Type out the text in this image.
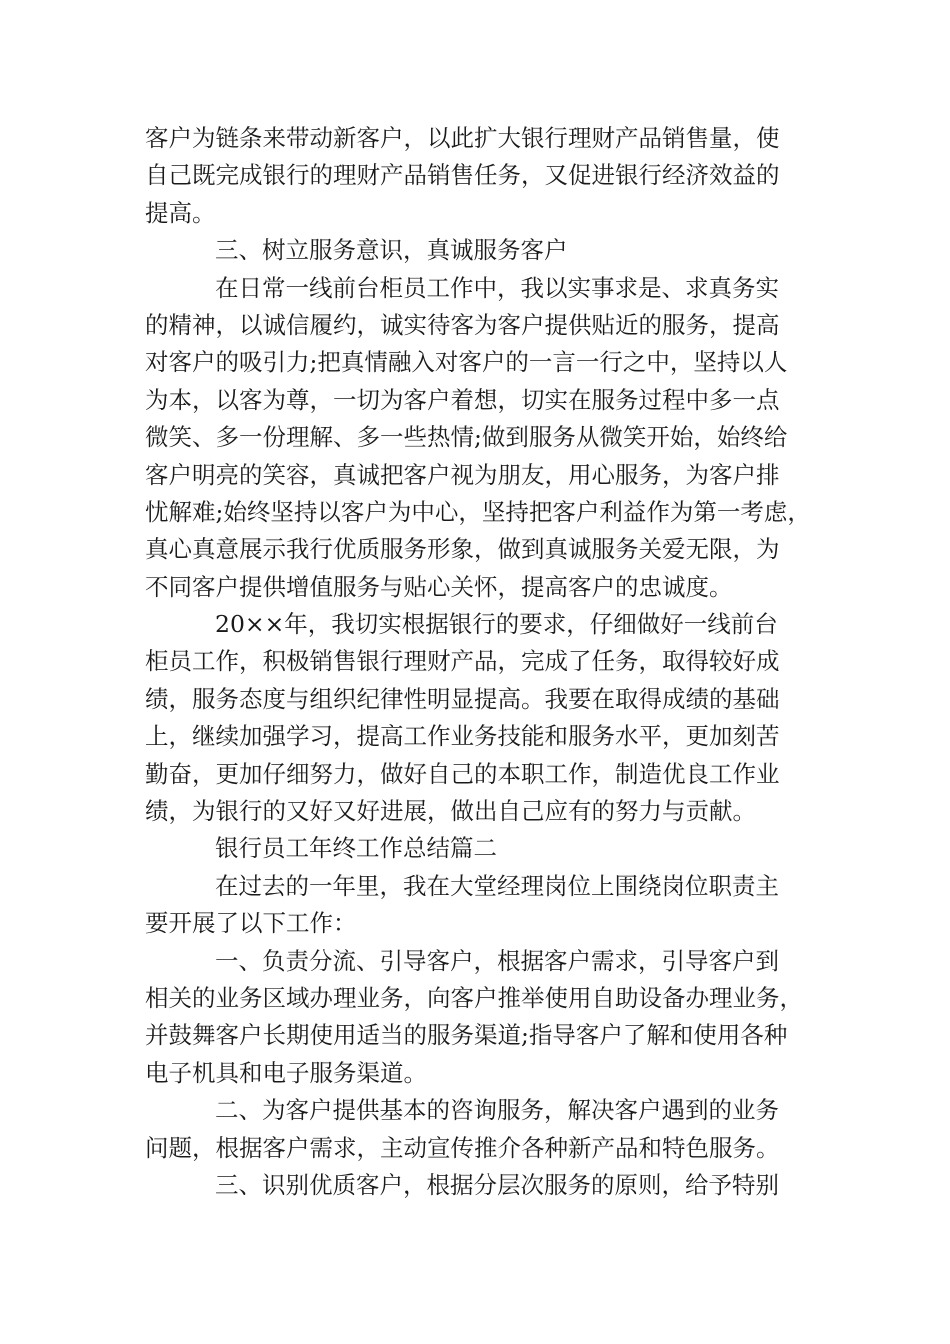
客户为链条来带动新客户，以此扩大银行理财产品销售量，使
自己既完成银行的理财产品销售任务，又促进银行经济效益的
提高。
三、树立服务意识，真诚服务客户
在日常一线前台柜员工作中，我以实事求是、求真务实
的精神，以诚信履约，诚实待客为客户提供贴近的服务，提高
对客户的吸引力;把真情融入对客户的一言一行之中，坚持以人
为本，以客为尊，一切为客户着想，切实在服务过程中多一点
微笑、多一份理解、多一些热情;做到服务从微笑开始，始终给
客户明亮的笑容，真诚把客户视为朋友，用心服务，为客户排
忧解难;始终坚持以客户为中心，坚持把客户利益作为第一考虑，
真心真意展示我行优质服务形象，做到真诚服务关爱无限，为
不同客户提供增值服务与贴心关怀，提高客户的忠诚度。
20××年，我切实根据银行的要求，仔细做好一线前台
柜员工作，积极销售银行理财产品，完成了任务，取得较好成
绩，服务态度与组织纪律性明显提高。我要在取得成绩的基础
上，继续加强学习，提高工作业务技能和服务水平，更加刻苦
勤奋，更加仔细努力，做好自己的本职工作，制造优良工作业
绩，为银行的又好又好进展，做出自己应有的努力与贡献。
银行员工年终工作总结篇二
在过去的一年里，我在大堂经理岗位上围绕岗位职责主
要开展了以下工作：
一、负责分流、引导客户，根据客户需求，引导客户到
相关的业务区域办理业务，向客户推举使用自助设备办理业务，
并鼓舞客户长期使用适当的服务渠道;指导客户了解和使用各种
电子机具和电子服务渠道。
二、为客户提供基本的咨询服务，解决客户遇到的业务
问题，根据客户需求，主动宣传推介各种新产品和特色服务。
三、识别优质客户，根据分层次服务的原则，给予特别
